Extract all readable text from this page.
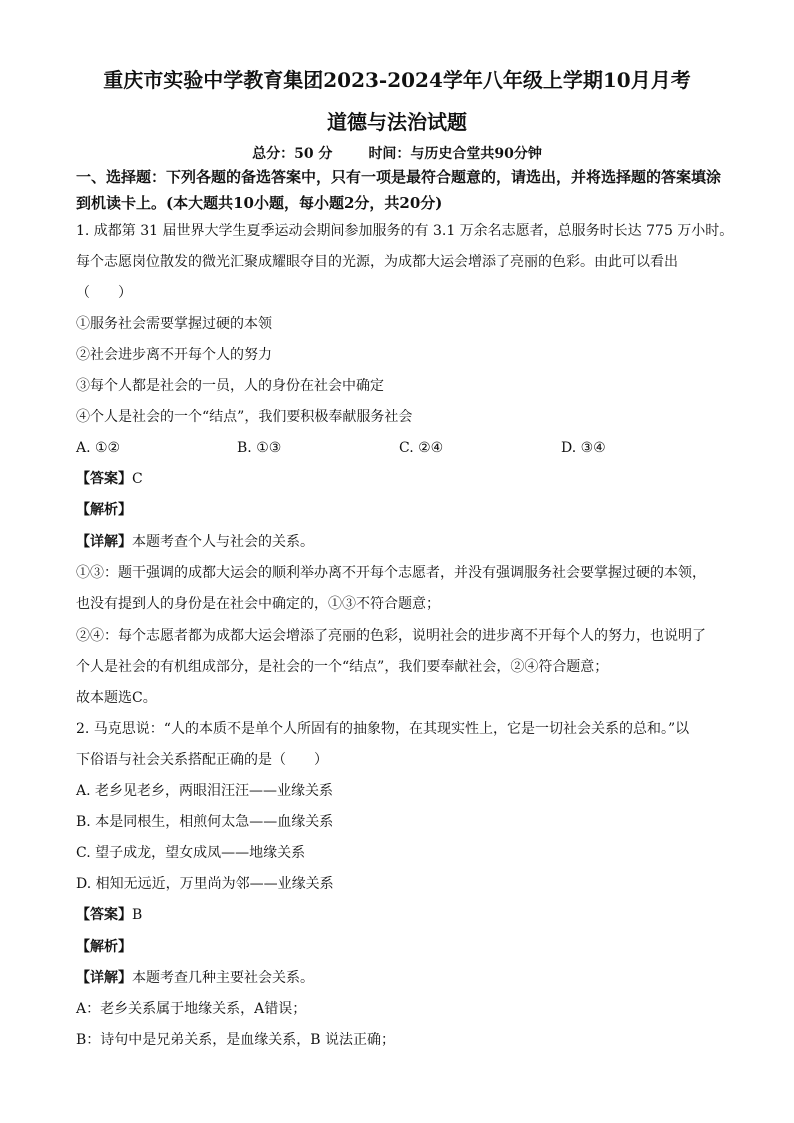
重庆市实验中学教育集团2023-2024学年八年级上学期10月月考
道德与法治试题
总分：50 分	时间：与历史合堂共90分钟
一、选择题：下列各题的备选答案中，只有一项是最符合题意的，请选出，并将选择题的答案填涂到机读卡上。(本大题共10小题，每小题2分，共20分)
1. 成都第 31 届世界大学生夏季运动会期间参加服务的有 3.1 万余名志愿者，总服务时长达 775 万小时。
每个志愿岗位散发的微光汇聚成耀眼夺目的光源，为成都大运会增添了亮丽的色彩。由此可以看出
（　　）
①服务社会需要掌握过硬的本领
②社会进步离不开每个人的努力
③每个人都是社会的一员，人的身份在社会中确定
④个人是社会的一个“结点”，我们要积极奉献服务社会
A. ①②	B. ①③	C. ②④	D. ③④
【答案】C
【解析】
【详解】本题考查个人与社会的关系。
①③：题干强调的成都大运会的顺利举办离不开每个志愿者，并没有强调服务社会要掌握过硬的本领，
也没有提到人的身份是在社会中确定的，①③不符合题意；
②④：每个志愿者都为成都大运会增添了亮丽的色彩，说明社会的进步离不开每个人的努力，也说明了
个人是社会的有机组成部分，是社会的一个“结点”，我们要奉献社会，②④符合题意；
故本题选C。
2. 马克思说：“人的本质不是单个人所固有的抽象物，在其现实性上，它是一切社会关系的总和。”以
下俗语与社会关系搭配正确的是（　　）
A. 老乡见老乡，两眼泪汪汪——业缘关系
B. 本是同根生，相煎何太急——血缘关系
C. 望子成龙，望女成凤——地缘关系
D. 相知无远近，万里尚为邻——业缘关系
【答案】B
【解析】
【详解】本题考查几种主要社会关系。
A：老乡关系属于地缘关系，A错误；
B：诗句中是兄弟关系，是血缘关系，B 说法正确；
